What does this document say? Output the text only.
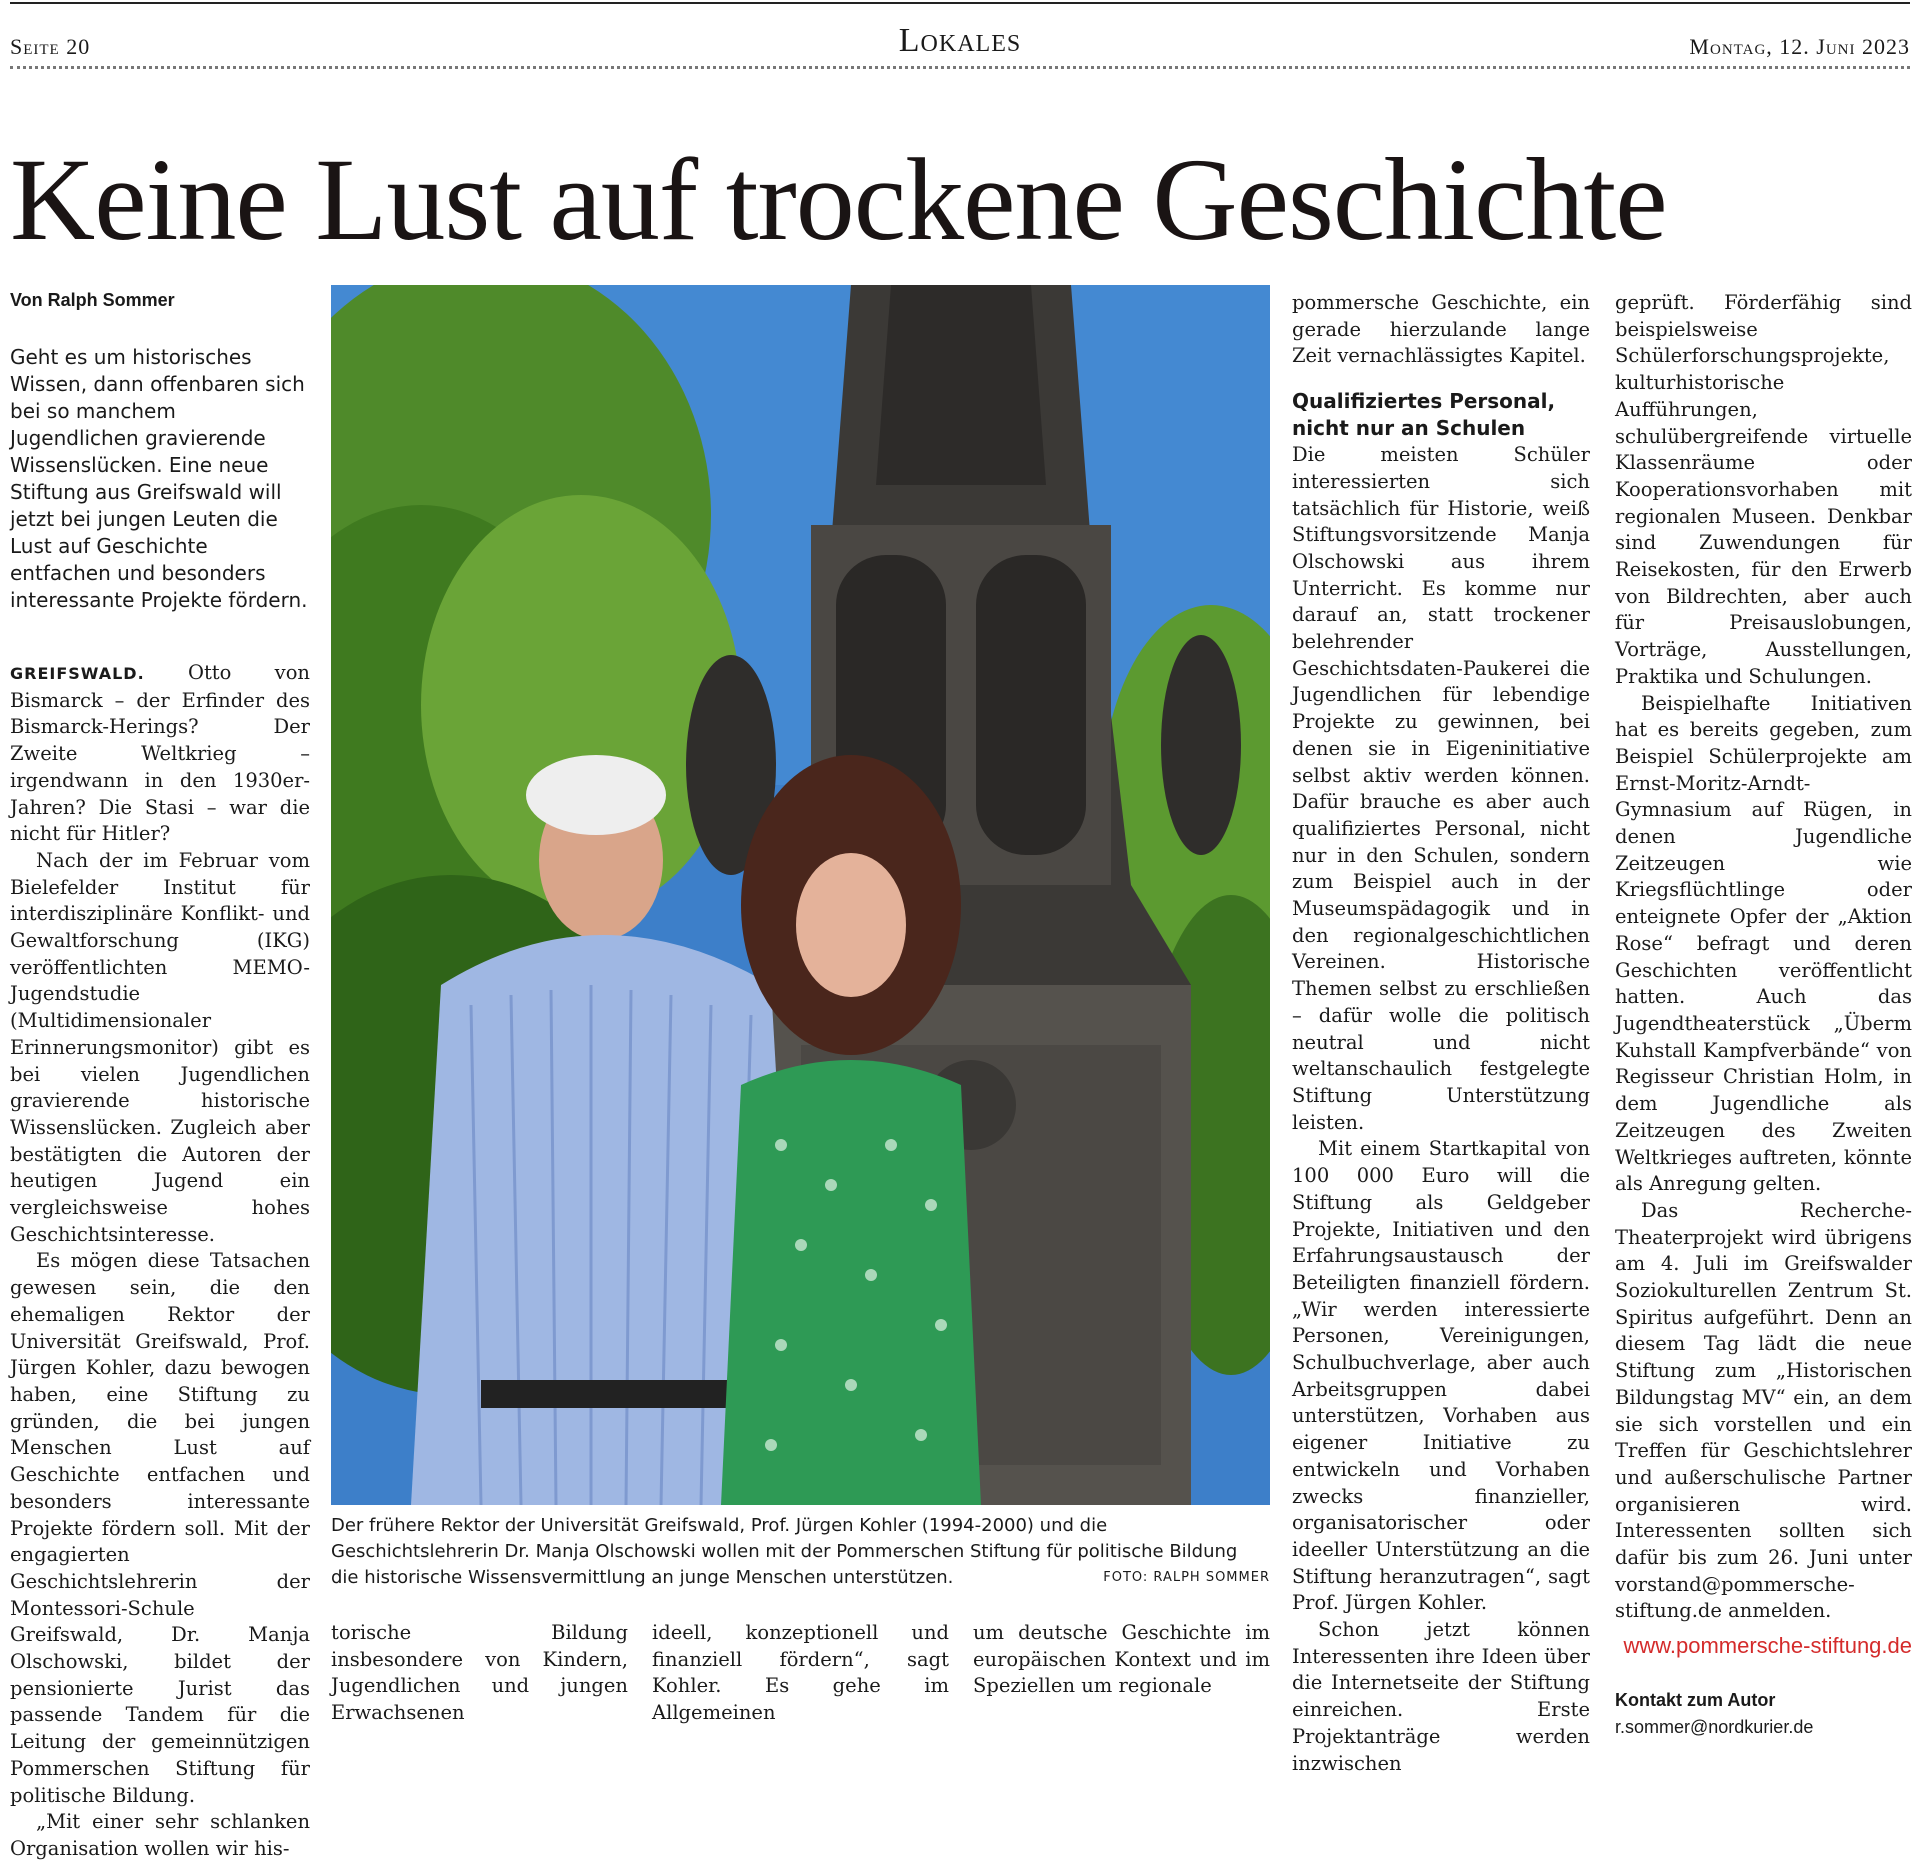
Seite 20	Lokales	Montag, 12. Juni 2023
Keine Lust auf trockene Geschichte
Von Ralph Sommer
Geht es um historisches Wissen, dann offenbaren sich bei so manchem Jugendlichen gravierende Wissenslücken. Eine neue Stiftung aus Greifswald will jetzt bei jungen Leuten die Lust auf Geschichte entfachen und besonders interessante Projekte fördern.

GREIFSWALD. Otto von Bismarck – der Erfinder des Bismarck-Herings? Der Zweite Weltkrieg – irgendwann in den 1930er-Jahren? Die Stasi – war die nicht für Hitler?

Nach der im Februar vom Bielefelder Institut für interdisziplinäre Konflikt- und Gewaltforschung (IKG) veröffentlichten MEMO-Jugendstudie (Multidimensionaler Erinnerungsmonitor) gibt es bei vielen Jugendlichen gravierende historische Wissenslücken. Zugleich aber bestätigten die Autoren der heutigen Jugend ein vergleichsweise hohes Geschichtsinteresse.

Es mögen diese Tatsachen gewesen sein, die den ehemaligen Rektor der Universität Greifswald, Prof. Jürgen Kohler, dazu bewogen haben, eine Stiftung zu gründen, die bei jungen Menschen Lust auf Geschichte entfachen und besonders interessante Projekte fördern soll. Mit der engagierten Geschichtslehrerin der Montessori-Schule Greifswald, Dr. Manja Olschowski, bildet der pensionierte Jurist das passende Tandem für die Leitung der gemeinnützigen Pommerschen Stiftung für politische Bildung.

„Mit einer sehr schlanken Organisation wollen wir his-

Der frühere Rektor der Universität Greifswald, Prof. Jürgen Kohler (1994-2000) und die Geschichtslehrerin Dr. Manja Olschowski wollen mit der Pommerschen Stiftung für politische Bildung die historische Wissensvermittlung an junge Menschen unterstützen.	FOTO: RALPH SOMMER

torische Bildung insbesondere von Kindern, Jugendlichen und jungen Erwachsenen

ideell, konzeptionell und finanziell fördern“, sagt Kohler. Es gehe im Allgemeinen

um deutsche Geschichte im europäischen Kontext und im Speziellen um regionale

pommersche Geschichte, ein gerade hierzulande lange Zeit vernachlässigtes Kapitel.

Qualifiziertes Personal, nicht nur an Schulen

Die meisten Schüler interessierten sich tatsächlich für Historie, weiß Stiftungsvorsitzende Manja Olschowski aus ihrem Unterricht. Es komme nur darauf an, statt trockener belehrender Geschichtsdaten-Paukerei die Jugendlichen für lebendige Projekte zu gewinnen, bei denen sie in Eigeninitiative selbst aktiv werden können. Dafür brauche es aber auch qualifiziertes Personal, nicht nur in den Schulen, sondern zum Beispiel auch in der Museumspädagogik und in den regionalgeschichtlichen Vereinen. Historische Themen selbst zu erschließen – dafür wolle die politisch neutral und nicht weltanschaulich festgelegte Stiftung Unterstützung leisten.

Mit einem Startkapital von 100 000 Euro will die Stiftung als Geldgeber Projekte, Initiativen und den Erfahrungsaustausch der Beteiligten finanziell fördern. „Wir werden interessierte Personen, Vereinigungen, Schulbuchverlage, aber auch Arbeitsgruppen dabei unterstützen, Vorhaben aus eigener Initiative zu entwickeln und Vorhaben zwecks finanzieller, organisatorischer oder ideeller Unterstützung an die Stiftung heranzutragen“, sagt Prof. Jürgen Kohler.

Schon jetzt können Interessenten ihre Ideen über die Internetseite der Stiftung einreichen. Erste Projektanträge werden inzwischen

geprüft. Förderfähig sind beispielsweise Schülerforschungsprojekte, kulturhistorische Aufführungen, schulübergreifende virtuelle Klassenräume oder Kooperationsvorhaben mit regionalen Museen. Denkbar sind Zuwendungen für Reisekosten, für den Erwerb von Bildrechten, aber auch für Preisauslobungen, Vorträge, Ausstellungen, Praktika und Schulungen.

Beispielhafte Initiativen hat es bereits gegeben, zum Beispiel Schülerprojekte am Ernst-Moritz-Arndt-Gymnasium auf Rügen, in denen Jugendliche Zeitzeugen wie Kriegsflüchtlinge oder enteignete Opfer der „Aktion Rose“ befragt und deren Geschichten veröffentlicht hatten. Auch das Jugendtheaterstück „Überm Kuhstall Kampfverbände“ von Regisseur Christian Holm, in dem Jugendliche als Zeitzeugen des Zweiten Weltkrieges auftreten, könnte als Anregung gelten.

Das Recherche-Theaterprojekt wird übrigens am 4. Juli im Greifswalder Soziokulturellen Zentrum St. Spiritus aufgeführt. Denn an diesem Tag lädt die neue Stiftung zum „Historischen Bildungstag MV“ ein, an dem sie sich vorstellen und ein Treffen für Geschichtslehrer und außerschulische Partner organisieren wird. Interessenten sollten sich dafür bis zum 26. Juni unter vorstand@pommersche-stiftung.de anmelden.

www.pommersche-stiftung.de
Kontakt zum Autor
r.sommer@nordkurier.de
